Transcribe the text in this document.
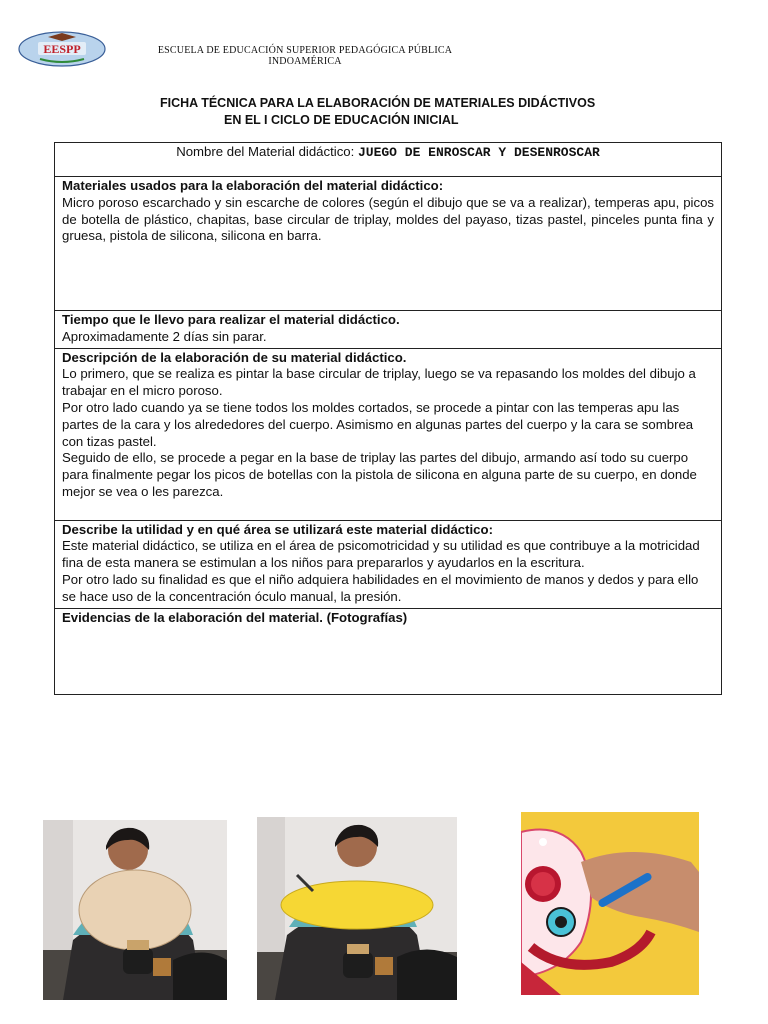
EESPP	ESCUELA DE EDUCACIÓN SUPERIOR PEDAGÓGICA PÚBLICA
INDOAMÉRICA
FICHA TÉCNICA PARA LA ELABORACIÓN DE MATERIALES DIDÁCTIVOS
EN EL I CICLO DE EDUCACIÓN INICIAL
Nombre del Material didáctico: JUEGO DE ENROSCAR Y DESENROSCAR

Materiales usados para la elaboración del material didáctico:

Micro poroso escarchado y sin escarche de colores (según el dibujo que se va a realizar), temperas apu, picos de botella de plástico, chapitas, base circular de triplay, moldes del payaso, tizas pastel, pinceles punta fina y gruesa, pistola de silicona, silicona en barra.

Tiempo que le llevo para realizar el material didáctico.

Aproximadamente 2 días sin parar.

Descripción de la elaboración de su material didáctico.

Lo primero, que se realiza es pintar la base circular de triplay, luego se va repasando los moldes del dibujo a trabajar en el micro poroso.

Por otro lado cuando ya se tiene todos los moldes cortados, se procede a pintar con las temperas apu las partes de la cara y los alrededores del cuerpo. Asimismo en algunas partes del cuerpo y la cara se sombrea con tizas pastel.

Seguido de ello, se procede a pegar en la base de triplay las partes del dibujo, armando así todo su cuerpo para finalmente pegar los picos de botellas con la pistola de silicona en alguna parte de su cuerpo, en donde mejor se vea o les parezca.

Describe la utilidad y en qué área se utilizará este material didáctico:

Este material didáctico, se utiliza en el área de psicomotricidad y su utilidad es que contribuye a la motricidad fina de esta manera se estimulan a los niños para prepararlos y ayudarlos en la escritura.

Por otro lado su finalidad es que el niño adquiera habilidades en el movimiento de manos y dedos y para ello se hace uso de la concentración óculo manual, la presión.

Evidencias de la elaboración del material. (Fotografías)
